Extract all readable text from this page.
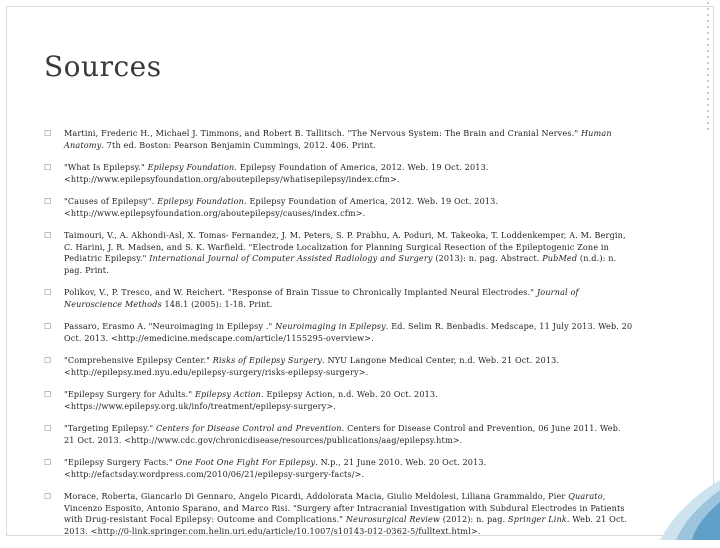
Sources
☐ Martini, Frederic H., Michael J. Timmons, and Robert B. Tallitsch. "The Nervous System: The Brain and Cranial Nerves." Human Anatomy. 7th ed. Boston: Pearson Benjamin Cummings, 2012. 406. Print.
☐ "What Is Epilepsy." Epilepsy Foundation. Epilepsy Foundation of America, 2012. Web. 19 Oct. 2013. <http://www.epilepsyfoundation.org/aboutepilepsy/whatisepilepsy/index.cfm>.
☐ "Causes of Epilepsy". Epilepsy Foundation. Epilepsy Foundation of America, 2012. Web. 19 Oct. 2013. <http://www.epilepsyfoundation.org/aboutepilepsy/causes/index.cfm>.
☐ Taimouri, V., A. Akhondi-Asl, X. Tomas- Fernandez, J. M. Peters, S. P. Prabhu, A. Poduri, M. Takeoka, T. Loddenkemper, A. M. Bergin, C. Harini, J. R. Madsen, and S. K. Warfield. "Electrode Localization for Planning Surgical Resection of the Epileptogenic Zone in Pediatric Epilepsy." International Journal of Computer Assisted Radiology and Surgery (2013): n. pag. Abstract. PubMed (n.d.): n. pag. Print.
☐ Polikov, V., P. Tresco, and W. Reichert. "Response of Brain Tissue to Chronically Implanted Neural Electrodes." Journal of Neuroscience Methods 148.1 (2005): 1-18. Print.
☐ Passaro, Erasmo A. "Neuroimaging in Epilepsy ." Neuroimaging in Epilepsy. Ed. Selim R. Benbadis. Medscape, 11 July 2013. Web. 20 Oct. 2013. <http://emedicine.medscape.com/article/1155295-overview>.
☐ "Comprehensive Epilepsy Center." Risks of Epilepsy Surgery. NYU Langone Medical Center, n.d. Web. 21 Oct. 2013. <http://epilepsy.med.nyu.edu/epilepsy-surgery/risks-epilepsy-surgery>.
☐ "Epilepsy Surgery for Adults." Epilepsy Action. Epilepsy Action, n.d. Web. 20 Oct. 2013. <https://www.epilepsy.org.uk/info/treatment/epilepsy-surgery>.
☐ "Targeting Epilepsy." Centers for Disease Control and Prevention. Centers for Disease Control and Prevention, 06 June 2011. Web. 21 Oct. 2013. <http://www.cdc.gov/chronicdisease/resources/publications/aag/epilepsy.htm>.
☐ "Epilepsy Surgery Facts." One Foot One Fight For Epilepsy. N.p., 21 June 2010. Web. 20 Oct. 2013. <http://efactsday.wordpress.com/2010/06/21/epilepsy-surgery-facts/>.
☐ Morace, Roberta, Giancarlo Di Gennaro, Angelo Picardi, Addolorata Macia, Giulio Meldolesi, Liliana Grammaldo, Pier Quarato, Vincenzo Esposito, Antonio Sparano, and Marco Risi. "Surgery after Intracranial Investigation with Subdural Electrodes in Patients with Drug-resistant Focal Epilepsy: Outcome and Complications." Neurosurgical Review (2012): n. pag. Springer Link. Web. 21 Oct. 2013. <http://0-link.springer.com.helin.uri.edu/article/10.1007/s10143-012-0362-5/fulltext.html>.
